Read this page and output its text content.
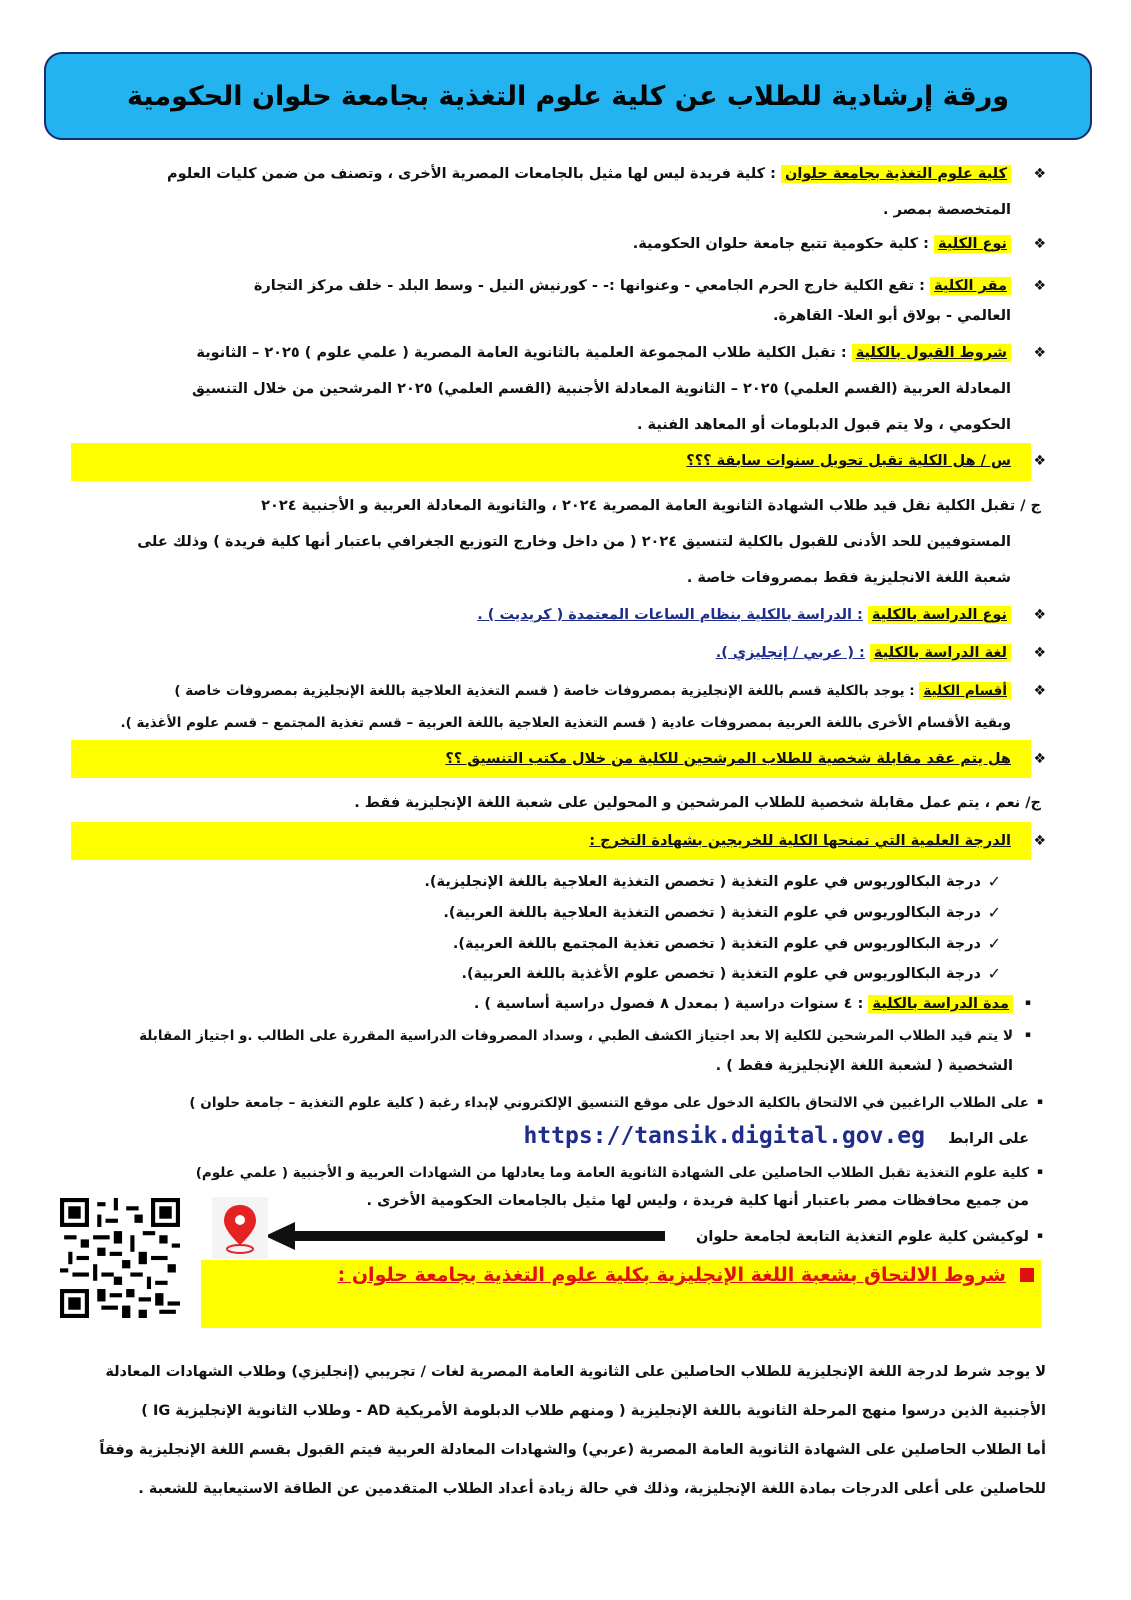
ورقة إرشادية للطلاب عن كلية علوم التغذية بجامعة حلوان الحكومية
❖
كلية علوم التغذية بجامعة حلوان : كلية فريدة ليس لها مثيل بالجامعات المصرية الأخرى ، وتصنف من ضمن كليات العلوم
المتخصصة بمصر .
❖
نوع الكلية : كلية حكومية تتبع جامعة حلوان الحكومية.
❖
مقر الكلية : تقع الكلية خارج الحرم الجامعي - وعنوانها :- - كورنيش النيل - وسط البلد - خلف مركز التجارة
العالمي - بولاق أبو العلا- القاهرة.
❖
شروط القبول بالكلية : تقبل الكلية طلاب المجموعة العلمية بالثانوية العامة المصرية ( علمي علوم ) ٢٠٢٥ – الثانوية
المعادلة العربية (القسم العلمي) ٢٠٢٥ – الثانوية المعادلة الأجنبية (القسم العلمي) ٢٠٢٥ المرشحين من خلال التنسيق
الحكومي ، ولا يتم قبول الدبلومات أو المعاهد الفنية .
❖
س / هل الكلية تقبل تحويل سنوات سابقة ؟؟؟
ج / تقبل الكلية نقل قيد طلاب الشهادة الثانوية العامة المصرية ٢٠٢٤ ، والثانوية المعادلة العربية و الأجنبية ٢٠٢٤
المستوفيين للحد الأدنى للقبول بالكلية لتنسيق ٢٠٢٤ ( من داخل وخارج التوزيع الجغرافي باعتبار أنها كلية فريدة ) وذلك على
شعبة اللغة الانجليزية فقط بمصروفات خاصة .
❖
نوع الدراسة بالكلية : الدراسة بالكلية بنظام الساعات المعتمدة ( كريديت ) .
❖
لغة الدراسة بالكلية : ( عربي / إنجليزي ).
❖
أقسام الكلية : يوجد بالكلية قسم باللغة الإنجليزية بمصروفات خاصة ( قسم التغذية العلاجية باللغة الإنجليزية بمصروفات خاصة )
وبقية الأقسام الأخرى باللغة العربية بمصروفات عادية ( قسم التغذية العلاجية باللغة العربية – قسم تغذية المجتمع – قسم علوم الأغذية ).
❖
هل يتم عقد مقابلة شخصية للطلاب المرشحين للكلية من خلال مكتب التنسيق ؟؟
ج/ نعم ، يتم عمل مقابلة شخصية للطلاب المرشحين و المحولين على شعبة اللغة الإنجليزية فقط .
❖
الدرجة العلمية التي تمنحها الكلية للخريجين بشهادة التخرج :
✓
درجة البكالوريوس في علوم التغذية ( تخصص التغذية العلاجية باللغة الإنجليزية).
✓
درجة البكالوريوس في علوم التغذية ( تخصص التغذية العلاجية باللغة العربية).
✓
درجة البكالوريوس في علوم التغذية ( تخصص تغذية المجتمع باللغة العربية).
✓
درجة البكالوريوس في علوم التغذية ( تخصص علوم الأغذية باللغة العربية).
▪
مدة الدراسة بالكلية : ٤ سنوات دراسية ( بمعدل ٨ فصول دراسية أساسية ) .
▪
لا يتم قيد الطلاب المرشحين للكلية إلا بعد اجتياز الكشف الطبي ، وسداد المصروفات الدراسية المقررة على الطالب .و اجتياز المقابلة
الشخصية ( لشعبة اللغة الإنجليزية فقط ) .
▪
على الطلاب الراغبين في الالتحاق بالكلية الدخول على موقع التنسيق الإلكتروني لإبداء رغبة ( كلية علوم التغذية – جامعة حلوان )
على الرابط https://tansik.digital.gov.eg
▪
كلية علوم التغذية تقبل الطلاب الحاصلين على الشهادة الثانوية العامة وما يعادلها من الشهادات العربية و الأجنبية ( علمي علوم)
من جميع محافظات مصر باعتبار أنها كلية فريدة ، وليس لها مثيل بالجامعات الحكومية الأخرى .
▪
لوكيشن كلية علوم التغذية التابعة لجامعة حلوان
شروط الالتحاق بشعبة اللغة الإنجليزية بكلية علوم التغذية بجامعة حلوان :
لا يوجد شرط لدرجة اللغة الإنجليزية للطلاب الحاصلين على الثانوية العامة المصرية لغات / تجريبي (إنجليزي) وطلاب الشهادات المعادلة
الأجنبية الذين درسوا منهج المرحلة الثانوية باللغة الإنجليزية ( ومنهم طلاب الدبلومة الأمريكية AD - وطلاب الثانوية الإنجليزية IG )
أما الطلاب الحاصلين على الشهادة الثانوية العامة المصرية (عربي) والشهادات المعادلة العربية فيتم القبول بقسم اللغة الإنجليزية وفقاً
للحاصلين على أعلى الدرجات بمادة اللغة الإنجليزية، وذلك في حالة زيادة أعداد الطلاب المتقدمين عن الطاقة الاستيعابية للشعبة .
